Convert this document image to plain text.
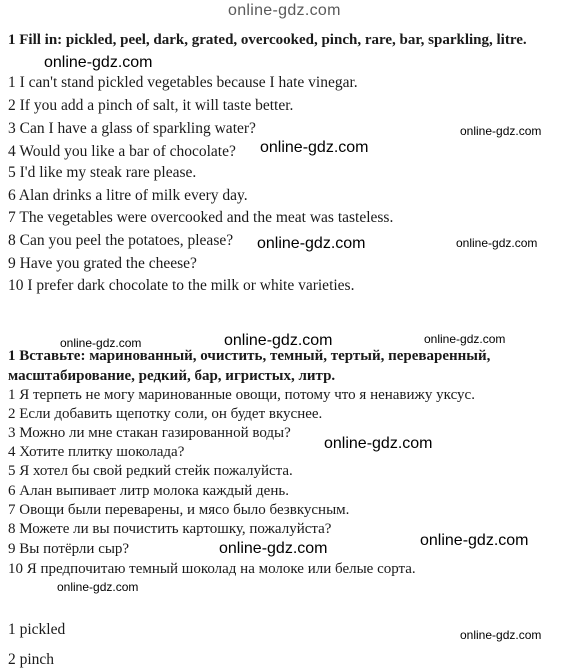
online-gdz.com

1 Fill in: pickled, peel, dark, grated, overcooked, pinch, rare, bar, sparkling, litre.

online-gdz.com

1 I can't stand pickled vegetables because I hate vinegar.

2 If you add a pinch of salt, it will taste better.

3 Can I have a glass of sparkling water?	online-gdz.com

4 Would you like a bar of chocolate? online-gdz.com

5 I'd like my steak rare please.

6 Alan drinks a litre of milk every day.

7 The vegetables were overcooked and the meat was tasteless.

8 Can you peel the potatoes, please? online-gdz.com	online-gdz.com

9 Have you grated the cheese?

10 I prefer dark chocolate to the milk or white varieties.

online-gdz.com	online-gdz.com	online-gdz.com

1 Вставьте: маринованный, очистить, темный, тертый, переваренный, масштабирование, редкий, бар, игристых, литр.

1 Я терпеть не могу маринованные овощи, потому что я ненавижу уксус.

2 Если добавить щепотку соли, он будет вкуснее.

3 Можно ли мне стакан газированной воды?

online-gdz.com

4 Хотите плитку шоколада?

5 Я хотел бы свой редкий стейк пожалуйста.

6 Алан выпивает литр молока каждый день.

7 Овощи были переварены, и мясо было безвкусным.

8 Можете ли вы почистить картошку, пожалуйста?

9 Вы потёрли сыр?	online-gdz.com	online-gdz.com

10 Я предпочитаю темный шоколад на молоке или белые сорта.

online-gdz.com

1 pickled	online-gdz.com

2 pinch
